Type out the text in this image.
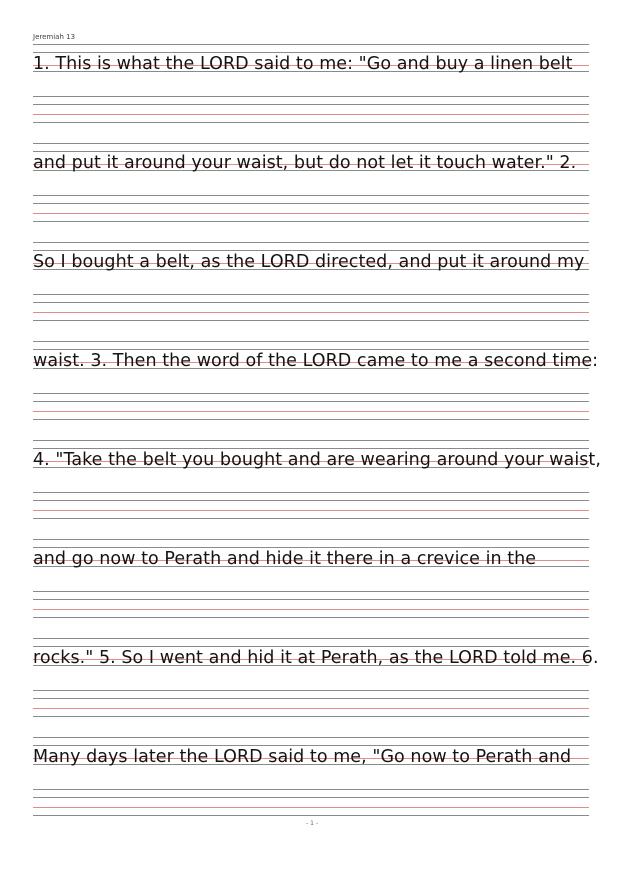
Jeremiah 13
1. This is what the LORD said to me: "Go and buy a linen belt
and put it around your waist, but do not let it touch water." 2.
So I bought a belt, as the LORD directed, and put it around my
waist. 3. Then the word of the LORD came to me a second time:
4. "Take the belt you bought and are wearing around your waist,
and go now to Perath and hide it there in a crevice in the
rocks." 5. So I went and hid it at Perath, as the LORD told me. 6.
Many days later the LORD said to me, "Go now to Perath and
- 1 -
